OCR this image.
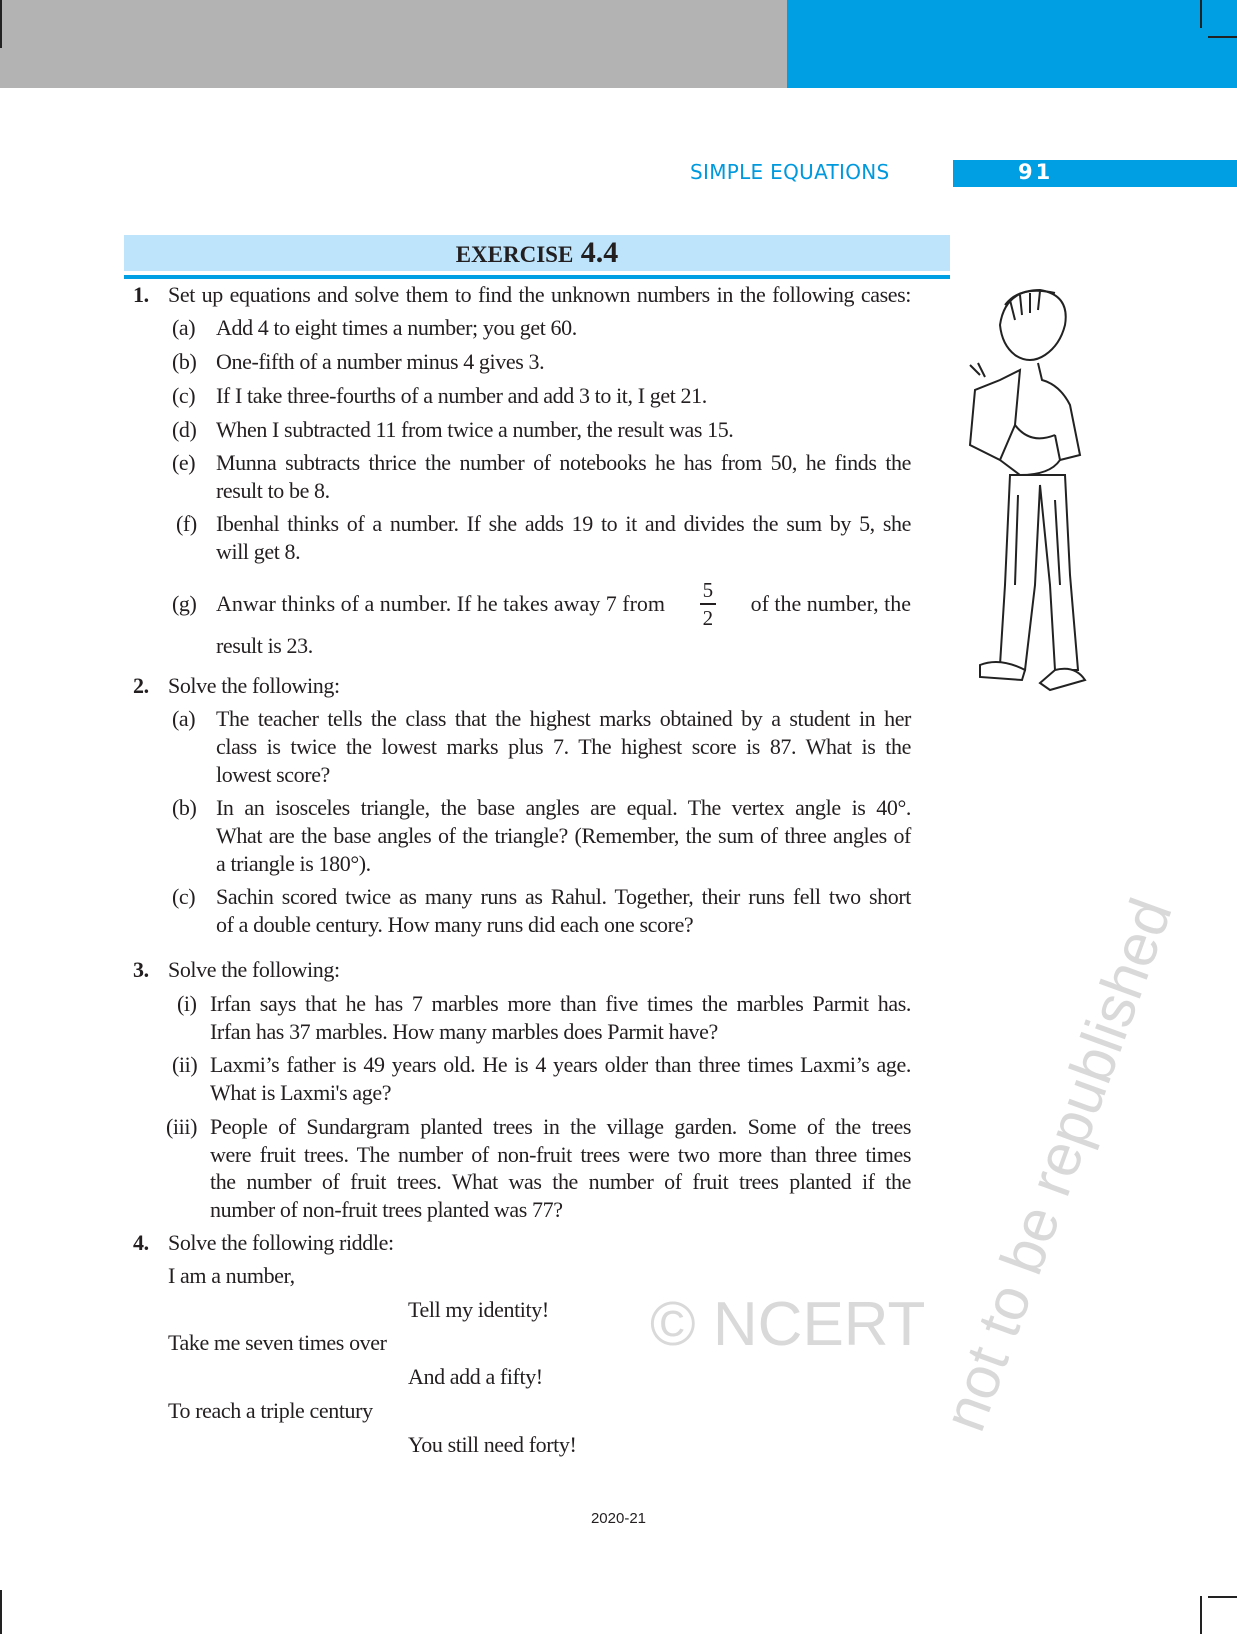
SIMPLE EQUATIONS	91
EXERCISE 4.4
© NCERT not to be republished
1. Set up equations and solve them to find the unknown numbers in the following cases:
(a) Add 4 to eight times a number; you get 60.
(b) One-fifth of a number minus 4 gives 3.
(c) If I take three-fourths of a number and add 3 to it, I get 21.
(d) When I subtracted 11 from twice a number, the result was 15.
(e) Munna subtracts thrice the number of notebooks he has from 50, he finds the
result to be 8.
(f) Ibenhal thinks of a number. If she adds 19 to it and divides the sum by 5, she
will get 8.
(g) Anwar thinks of a number. If he takes away 7 from $\frac{5}{2}$ of the number, the
result is 23.
2. Solve the following:
(a) The teacher tells the class that the highest marks obtained by a student in her
class is twice the lowest marks plus 7. The highest score is 87. What is the
lowest score?
(b) In an isosceles triangle, the base angles are equal. The vertex angle is 40°.
What are the base angles of the triangle? (Remember, the sum of three angles of
a triangle is 180°).
(c) Sachin scored twice as many runs as Rahul. Together, their runs fell two short
of a double century. How many runs did each one score?
3. Solve the following:
(i) Irfan says that he has 7 marbles more than five times the marbles Parmit has.
Irfan has 37 marbles. How many marbles does Parmit have?
(ii) Laxmi’s father is 49 years old. He is 4 years older than three times Laxmi’s age.
What is Laxmi's age?
(iii) People of Sundargram planted trees in the village garden. Some of the trees
were fruit trees. The number of non-fruit trees were two more than three times
the number of fruit trees. What was the number of fruit trees planted if the
number of non-fruit trees planted was 77?
4. Solve the following riddle:
I am a number,
Tell my identity!
Take me seven times over
And add a fifty!
To reach a triple century
You still need forty!
2020-21
